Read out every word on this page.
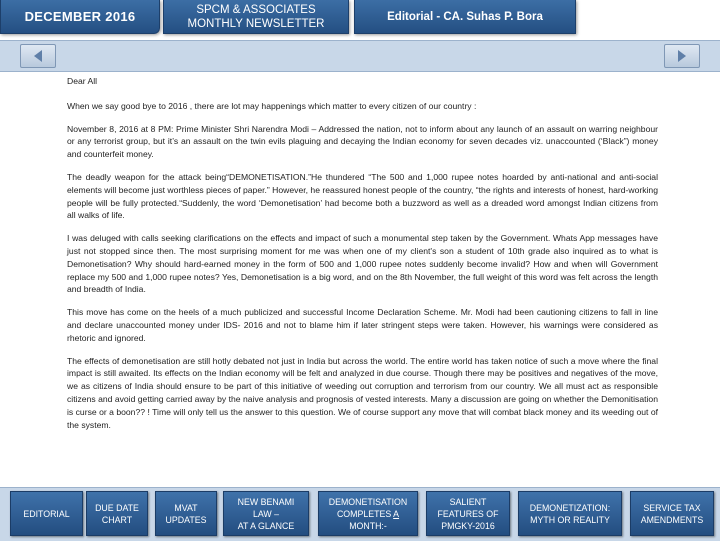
DECEMBER 2016	SPCM & ASSOCIATES
MONTHLY NEWSLETTER
Editorial - CA. Suhas P. Bora

Dear All

When we say good bye to 2016 , there are lot may happenings which matter to every citizen of our country :

November 8, 2016 at 8 PM: Prime Minister Shri Narendra Modi – Addressed the nation, not to inform about any launch of an assault on warring neighbour or any terrorist group, but it’s an assault on the twin evils plaguing and decaying the Indian economy for seven decades viz. unaccounted (‘Black”) money and counterfeit money.

The deadly weapon for the attack being“DEMONETISATION.”He thundered “The 500 and 1,000 rupee notes hoarded by anti-national and anti-social elements will become just worthless pieces of paper.” However, he reassured honest people of the country, “the rights and interests of honest, hard-working people will be fully protected.“Suddenly, the word ‘Demonetisation’ had become both a buzzword as well as a dreaded word amongst Indian citizens from all walks of life.

I was deluged with calls seeking clarifications on the effects and impact of such a monumental step taken by the Government. Whats App messages have just not stopped since then. The most surprising moment for me was when one of my client's son a student of 10th grade also inquired as to what is Demonetisation? Why should hard-earned money in the form of 500 and 1,000 rupee notes suddenly become invalid? How and when will Government replace my 500 and 1,000 rupee notes? Yes, Demonetisation is a big word, and on the 8th November, the full weight of this word was felt across the length and breadth of India.

This move has come on the heels of a much publicized and successful Income Declaration Scheme. Mr. Modi had been cautioning citizens to fall in line and declare unaccounted money under IDS- 2016 and not to blame him if later stringent steps were taken. However, his warnings were considered as rhetoric and ignored.

The effects of demonetisation are still hotly debated not just in India but across the world. The entire world has taken notice of such a move where the final impact is still awaited. Its effects on the Indian economy will be felt and analyzed in due course. Though there may be positives and negatives of the move, we as citizens of India should ensure to be part of this initiative of weeding out corruption and terrorism from our country. We all must act as responsible citizens and avoid getting carried away by the naive analysis and prognosis of vested interests. Many a discussion are going on whether the Demonitisation is curse or a boon?? ! Time will only tell us the answer to this question. We of course support any move that will combat black money and its weeding out of the system.

EDITORIAL
DUE DATE
CHART
MVAT
UPDATES
NEW BENAMI
LAW –
AT A GLANCE
DEMONETISATION
COMPLETES A
MONTH:-
SALIENT
FEATURES OF
PMGKY-2016
DEMONETIZATION:
MYTH OR REALITY
SERVICE TAX
AMENDMENTS
